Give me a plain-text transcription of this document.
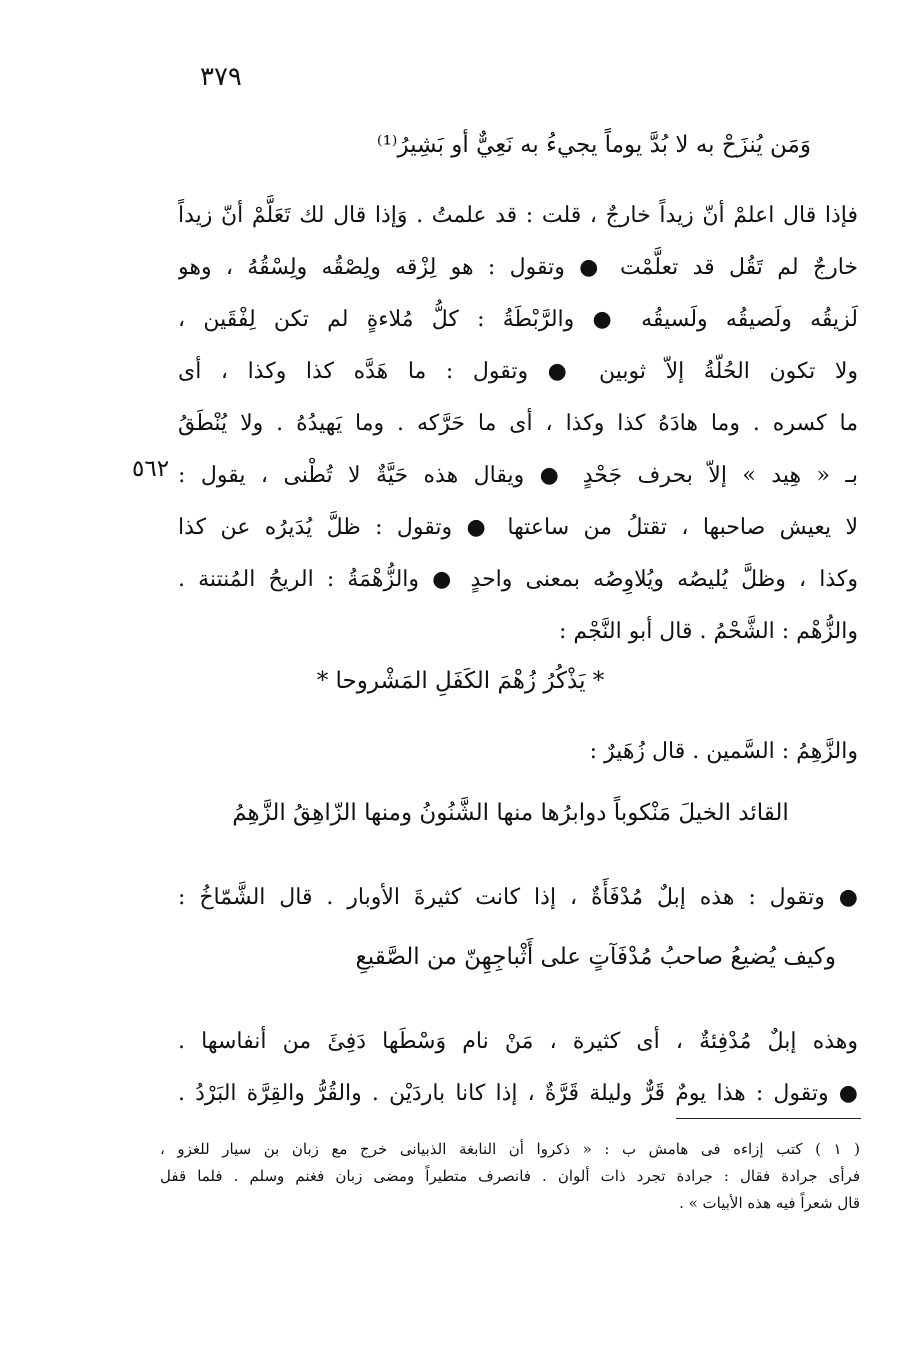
٣٧٩
٥٦٢
وَمَن يُنزَحْ به لا بُدَّ يوماً يجيءُ به نَعِيٌّ أو بَشِيرُ⁽¹⁾
فإذا قال اعلمْ أنّ زيداً خارجٌ ، قلت : قد علمتُ . وَإذا قال لك تَعَلَّمْ أنّ زيداً
خارجٌ لم تَقُل قد تعلَّمْت ● وتقول : هو لِزْقه ولِصْقُه ولِسْقُهُ ، وهو
لَزيقُه ولَصيقُه ولَسيقُه ● والرَّبْطَةُ : كلُّ مُلاءةٍ لم تكن لِفْقَين ،
ولا تكون الحُلّةُ إلاّ ثوبين ● وتقول : ما هَدَّه كذا وكذا ، أى
ما كسره . وما هادَهُ كذا وكذا ، أى ما حَرَّكه . وما يَهيدُهُ . ولا يُنْطَقُ
بـ « هِيد » إلاّ بحرف جَحْدٍ ● ويقال هذه حَيَّةٌ لا تُطْنى ، يقول :
لا يعيش صاحبها ، تقتلُ من ساعتها ● وتقول : ظلَّ يُدَيرُه عن كذا
وكذا ، وظلَّ يُليصُه ويُلاوِصُه بمعنى واحدٍ ● والزُّهْمَةُ : الريحُ المُنتنة .
والزُّهْم : الشَّحْمُ . قال أبو النَّجْم :
* يَذْكُرُ زُهْمَ الكَفَلِ المَشْروحا *
والزَّهِمُ : السَّمين . قال زُهَيرٌ :
القائد الخيلَ مَنْكوباً دوابرُها منها الشَّنُونُ ومنها الزّاهِقُ الزَّهِمُ
● وتقول : هذه إبلٌ مُدْفَأَةٌ ، إذا كانت كثيرةَ الأوبار . قال الشَّمّاخُ :
وكيف يُضيعُ صاحبُ مُدْفَآتٍ على أَثْباجِهِنّ من الصَّقيعِ
وهذه إبلٌ مُدْفِئةٌ ، أى كثيرة ، مَنْ نام وَسْطَها دَفِئَ من أنفاسها .
● وتقول : هذا يومٌ قَرٌّ وليلة قَرَّةٌ ، إذا كانا باردَيْن . والقُرُّ والقِرَّة البَرْدُ .
( ١ ) كتب إزاءه فى هامش ب : « ذكروا أن النابغة الذبيانى خرج مع زبان بن سيار للغزو ،
فرأى جرادة فقال : جرادة تجرد ذات ألوان . فانصرف متطيراً ومضى زبان فغنم وسلم . فلما قفل
قال شعراً فيه هذه الأبيات » .
